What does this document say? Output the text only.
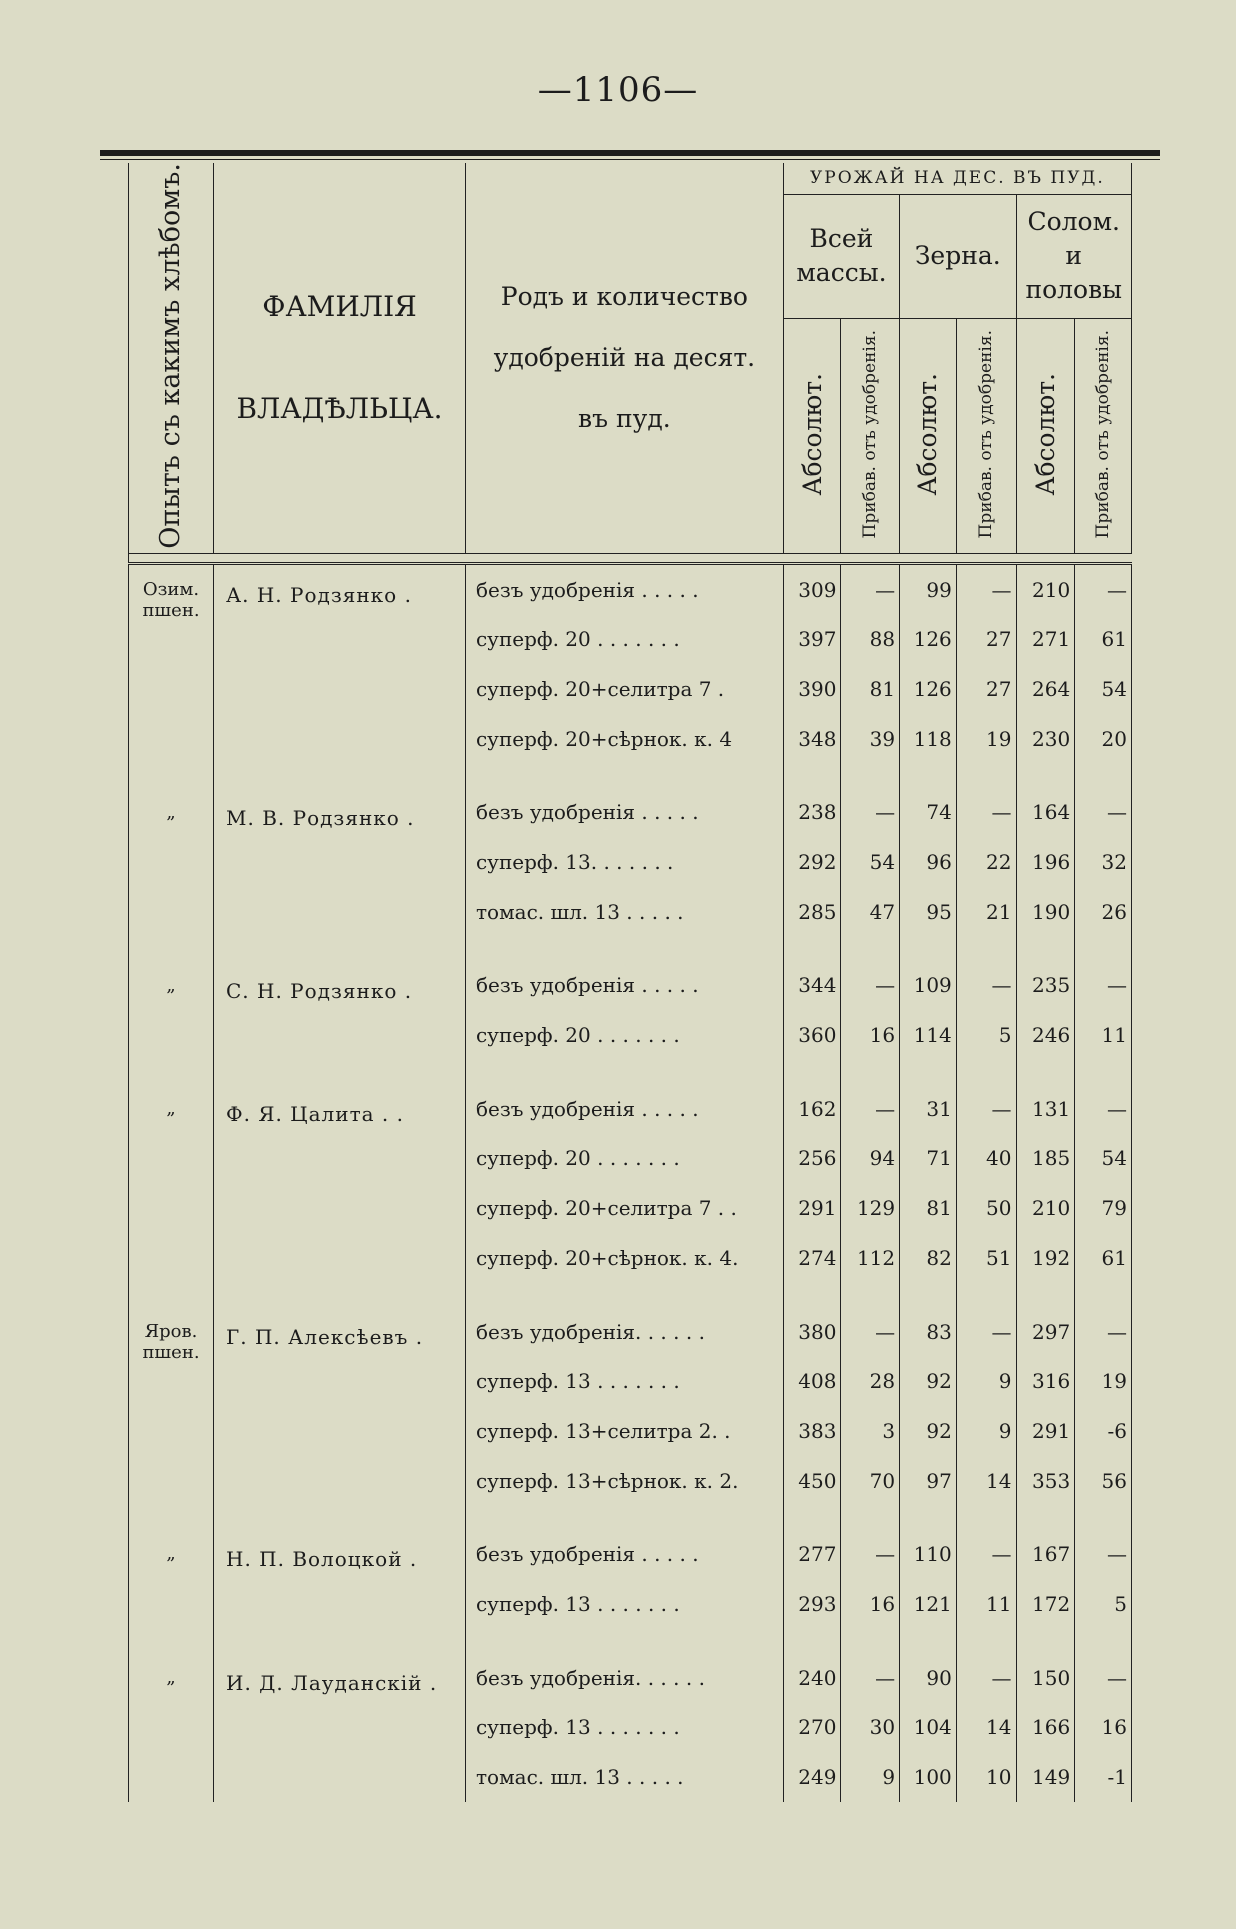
—1106—
Опытъ съ какимъ хлѣбомъ.	ФАМИЛІЯ
ВЛАДѢЛЬЦА.	Родъ и количество
удобреній на десят.
въ пуд.	УРОЖАЙ НА ДЕС. ВЪ ПУД.					
			Всей массы.		Зерна.		Солом. и половы	
			Абсолют.	Прибав. отъ удобренія.	Абсолют.	Прибав. отъ удобренія.	Абсолют.	Прибав. отъ удобренія.

Озим. пшен.	А. Н. Родзянко .	безъ удобренія . . . . .	309	—	99	—	210	—
		суперф. 20 . . . . . . .	397	88	126	27	271	61
		суперф. 20+селитра 7 .	390	81	126	27	264	54
		суперф. 20+сѣрнок. к. 4	348	39	118	19	230	20

„	М. В. Родзянко .	безъ удобренія . . . . .	238	—	74	—	164	—
		суперф. 13. . . . . . .	292	54	96	22	196	32
		томас. шл. 13 . . . . .	285	47	95	21	190	26

„	С. Н. Родзянко .	безъ удобренія . . . . .	344	—	109	—	235	—
		суперф. 20 . . . . . . .	360	16	114	5	246	11

„	Ф. Я. Цалита . .	безъ удобренія . . . . .	162	—	31	—	131	—
		суперф. 20 . . . . . . .	256	94	71	40	185	54
		суперф. 20+селитра 7 . .	291	129	81	50	210	79
		суперф. 20+сѣрнок. к. 4.	274	112	82	51	192	61

Яров. пшен.	Г. П. Алексѣевъ .	безъ удобренія. . . . . .	380	—	83	—	297	—
		суперф. 13 . . . . . . .	408	28	92	9	316	19
		суперф. 13+селитра 2. .	383	3	92	9	291	-6
		суперф. 13+сѣрнок. к. 2.	450	70	97	14	353	56

„	Н. П. Волоцкой .	безъ удобренія . . . . .	277	—	110	—	167	—
		суперф. 13 . . . . . . .	293	16	121	11	172	5

„	И. Д. Лауданскій .	безъ удобренія. . . . . .	240	—	90	—	150	—
		суперф. 13 . . . . . . .	270	30	104	14	166	16
		томас. шл. 13 . . . . .	249	9	100	10	149	-1
